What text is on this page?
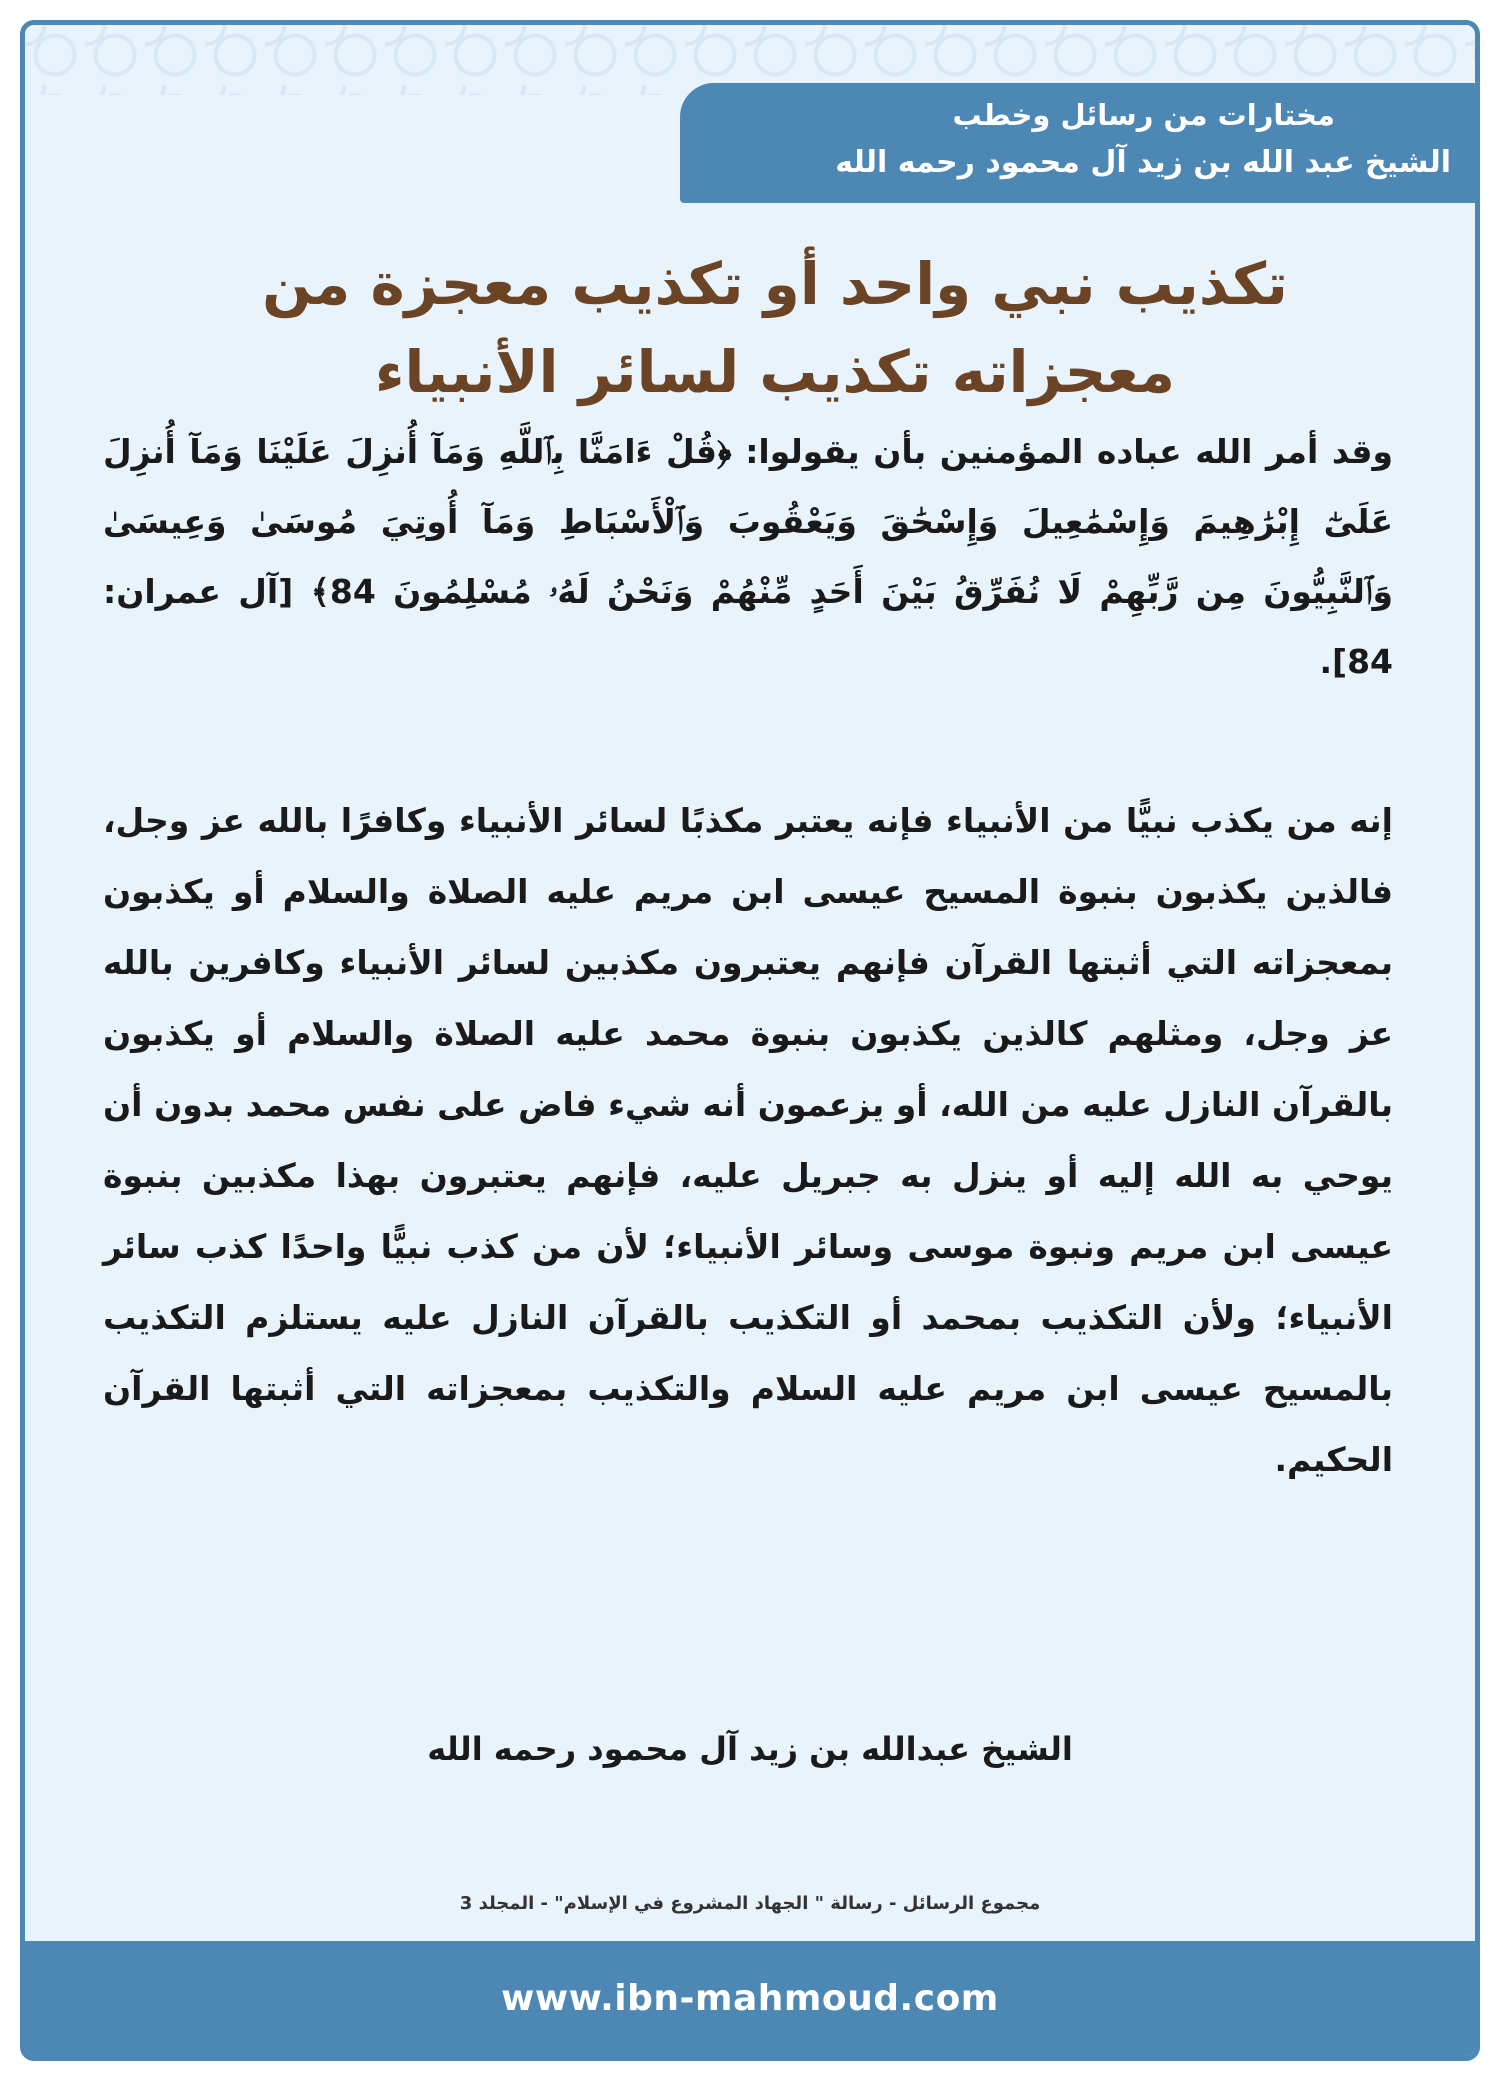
مختارات من رسائل وخطب
الشيخ عبد الله بن زيد آل محمود رحمه الله
تكذيب نبي واحد أو تكذيب معجزة من معجزاته تكذيب لسائر الأنبياء

وقد أمر الله عباده المؤمنين بأن يقولوا: ﴿قُلْ ءَامَنَّا بِٱللَّهِ وَمَآ أُنزِلَ عَلَيْنَا وَمَآ أُنزِلَ عَلَىٰٓ إِبْرَٰهِيمَ وَإِسْمَٰعِيلَ وَإِسْحَٰقَ وَيَعْقُوبَ وَٱلْأَسْبَاطِ وَمَآ أُوتِيَ مُوسَىٰ وَعِيسَىٰ وَٱلنَّبِيُّونَ مِن رَّبِّهِمْ لَا نُفَرِّقُ بَيْنَ أَحَدٍ مِّنْهُمْ وَنَحْنُ لَهُۥ مُسْلِمُونَ 84﴾ [آل عمران: 84].

إنه من يكذب نبيًّا من الأنبياء فإنه يعتبر مكذبًا لسائر الأنبياء وكافرًا بالله عز وجل، فالذين يكذبون بنبوة المسيح عيسى ابن مريم عليه الصلاة والسلام أو يكذبون بمعجزاته التي أثبتها القرآن فإنهم يعتبرون مكذبين لسائر الأنبياء وكافرين بالله عز وجل، ومثلهم كالذين يكذبون بنبوة محمد عليه الصلاة والسلام أو يكذبون بالقرآن النازل عليه من الله، أو يزعمون أنه شيء فاض على نفس محمد بدون أن يوحي به الله إليه أو ينزل به جبريل عليه، فإنهم يعتبرون بهذا مكذبين بنبوة عيسى ابن مريم ونبوة موسى وسائر الأنبياء؛ لأن من كذب نبيًّا واحدًا كذب سائر الأنبياء؛ ولأن التكذيب بمحمد أو التكذيب بالقرآن النازل عليه يستلزم التكذيب بالمسيح عيسى ابن مريم عليه السلام والتكذيب بمعجزاته التي أثبتها القرآن الحكيم.

الشيخ عبدالله بن زيد آل محمود رحمه الله
مجموع الرسائل - رسالة " الجهاد المشروع في الإسلام" - المجلد 3
www.ibn-mahmoud.com
